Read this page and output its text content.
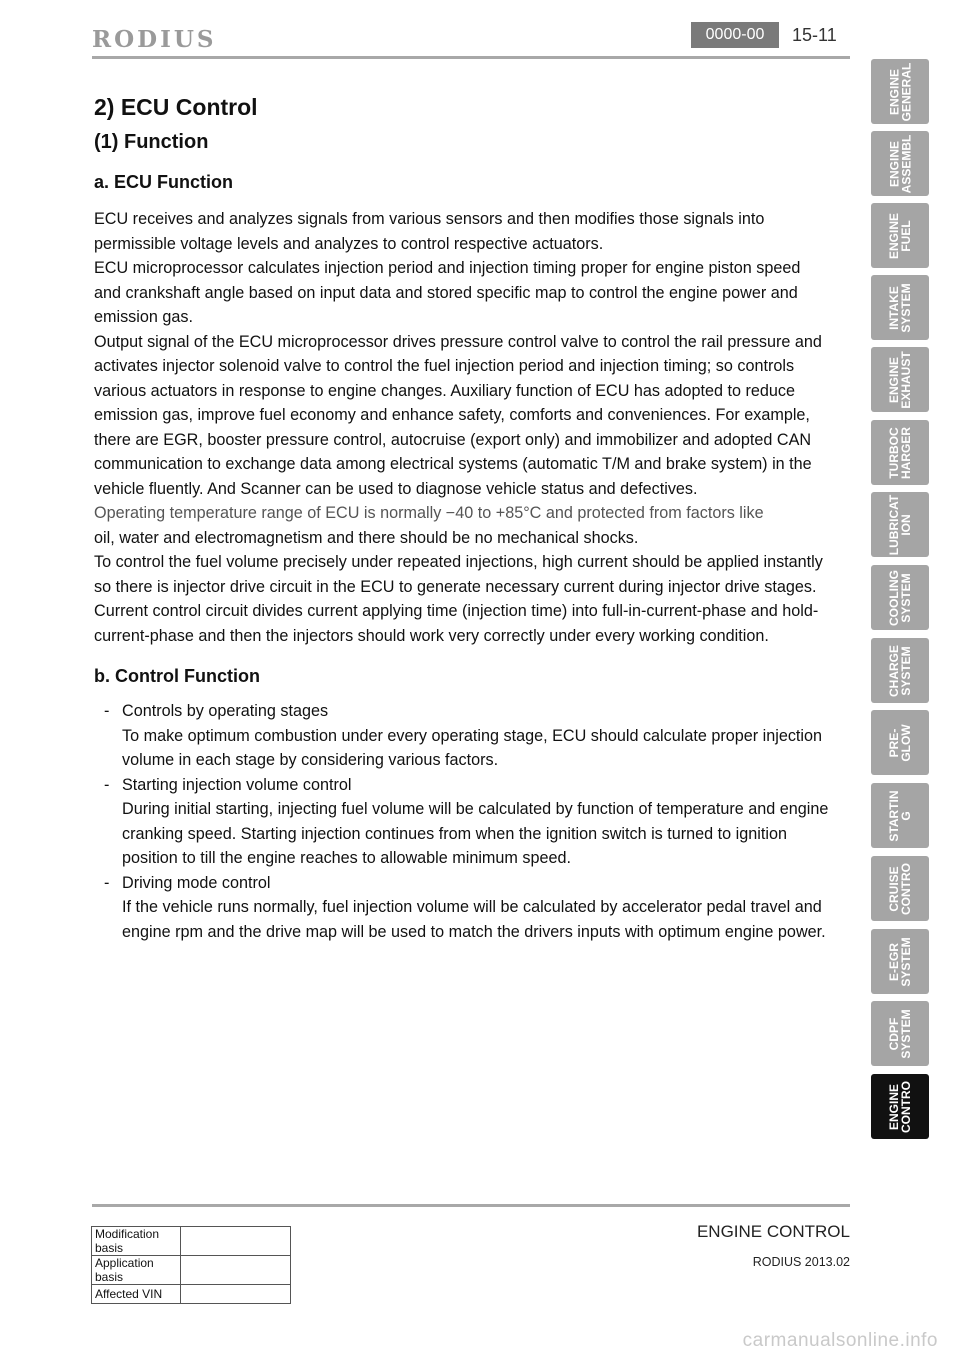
RODIUS	0000-00	15-11
2) ECU Control
(1) Function
a. ECU Function

ECU receives and analyzes signals from various sensors and then modifies those signals into

permissible voltage levels and analyzes to control respective actuators.

ECU microprocessor calculates injection period and injection timing proper for engine piston speed

and crankshaft angle based on input data and stored specific map to control the engine power and

emission gas.

Output signal of the ECU microprocessor drives pressure control valve to control the rail pressure and

activates injector solenoid valve to control the fuel injection period and injection timing; so controls

various actuators in response to engine changes. Auxiliary function of ECU has adopted to reduce

emission gas, improve fuel economy and enhance safety, comforts and conveniences. For example,

there are EGR, booster pressure control, autocruise (export only) and immobilizer and adopted CAN

communication to exchange data among electrical systems (automatic T/M and brake system) in the

vehicle fluently. And Scanner can be used to diagnose vehicle status and defectives.

Operating temperature range of ECU is normally −40 to +85°C and protected from factors like

oil, water and electromagnetism and there should be no mechanical shocks.

To control the fuel volume precisely under repeated injections, high current should be applied instantly

so there is injector drive circuit in the ECU to generate necessary current during injector drive stages.

Current control circuit divides current applying time (injection time) into full-in-current-phase and hold-

current-phase and then the injectors should work very correctly under every working condition.

b. Control Function
- Controls by operating stages
To make optimum combustion under every operating stage, ECU should calculate proper injection
volume in each stage by considering various factors.
- Starting injection volume control
During initial starting, injecting fuel volume will be calculated by function of temperature and engine
cranking speed. Starting injection continues from when the ignition switch is turned to ignition
position to till the engine reaches to allowable minimum speed.
- Driving mode control
If the vehicle runs normally, fuel injection volume will be calculated by accelerator pedal travel and
engine rpm and the drive map will be used to match the drivers inputs with optimum engine power.
ENGINE
GENERAL
ENGINE
ASSEMBL
ENGINE
FUEL
INTAKE
SYSTEM
ENGINE
EXHAUST
TURBOC
HARGER
LUBRICAT
ION
COOLING
SYSTEM
CHARGE
SYSTEM
PRE-
GLOW
STARTIN
G
CRUISE
CONTRO
E-EGR
SYSTEM
CDPF
SYSTEM
ENGINE
CONTRO
Modification basis	
Application basis	
Affected VIN	
ENGINE CONTROL
RODIUS 2013.02
carmanualsonline.info
